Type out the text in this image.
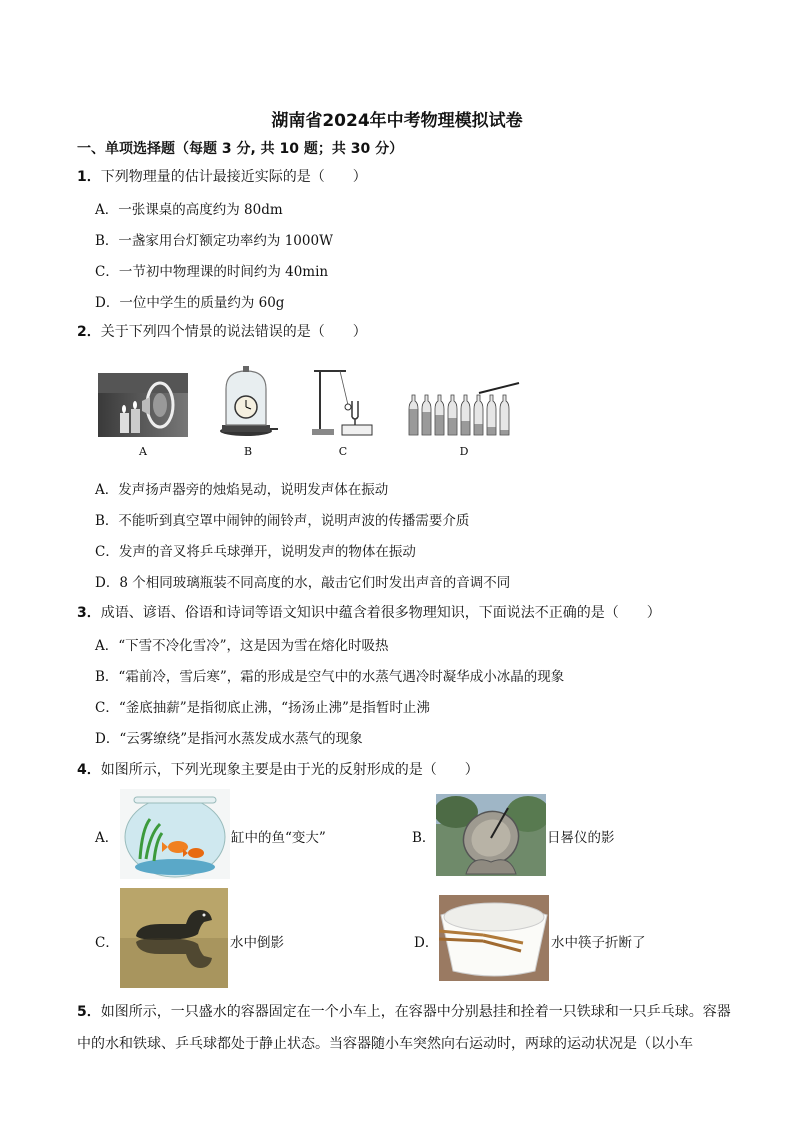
湖南省2024年中考物理模拟试卷
一、单项选择题（每题 3 分, 共 10 题；共 30 分）
1．下列物理量的估计最接近实际的是（　　）
A．一张课桌的高度约为 80dm
B．一盏家用台灯额定功率约为 1000W
C．一节初中物理课的时间约为 40min
D．一位中学生的质量约为 60g
2．关于下列四个情景的说法错误的是（　　）
A	B	C	D
A．发声扬声器旁的烛焰晃动，说明发声体在振动
B．不能听到真空罩中闹钟的闹铃声，说明声波的传播需要介质
C．发声的音叉将乒乓球弹开，说明发声的物体在振动
D．8 个相同玻璃瓶装不同高度的水，敲击它们时发出声音的音调不同
3．成语、谚语、俗语和诗词等语文知识中蕴含着很多物理知识，下面说法不正确的是（　　）
A．“下雪不冷化雪冷”，这是因为雪在熔化时吸热
B．“霜前冷，雪后寒”，霜的形成是空气中的水蒸气遇冷时凝华成小冰晶的现象
C．“釜底抽薪”是指彻底止沸，“扬汤止沸”是指暂时止沸
D．“云雾缭绕”是指河水蒸发成水蒸气的现象
4．如图所示，下列光现象主要是由于光的反射形成的是（　　）
A．	缸中的鱼“变大”	B．	日晷仪的影
C．	水中倒影	D．	水中筷子折断了
5．如图所示，一只盛水的容器固定在一个小车上，在容器中分别悬挂和拴着一只铁球和一只乒乓球。容器中的水和铁球、乒乓球都处于静止状态。当容器随小车突然向右运动时，两球的运动状况是（以小车
